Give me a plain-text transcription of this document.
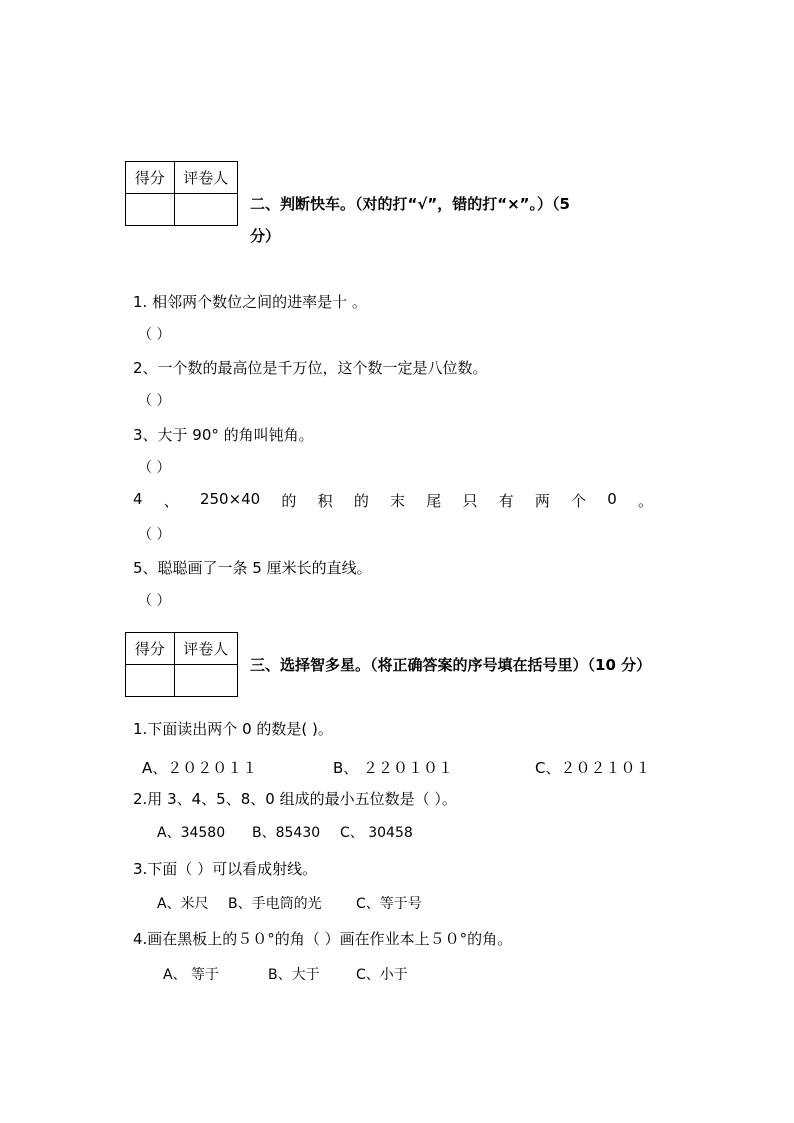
得分	评卷人

二、判断快车。（对的打“√”，错的打“×”。）（5
分）
1. 相邻两个数位之间的进率是十 。
（ ）
2、一个数的最高位是千万位，这个数一定是八位数。
（ ）
3、大于 90° 的角叫钝角。
（ ）
4 、 250×40 的 积 的 末 尾 只 有 两 个 0 。
（ ）
5、聪聪画了一条 5 厘米长的直线。
（ ）
得分	评卷人

三、选择智多星。（将正确答案的序号填在括号里）（10 分）
1.下面读出两个 0 的数是( )。
A、２０２０１１	B、 ２２０１０１	C、２０２１０１
2.用 3、4、5、8、0 组成的最小五位数是（ ）。
A、34580 B、85430 C、 30458
3.下面（ ）可以看成射线。
A、米尺 B、手电筒的光 C、等于号
4.画在黑板上的５０°的角（ ）画在作业本上５０°的角。
A、 等于	B、大于	C、小于
